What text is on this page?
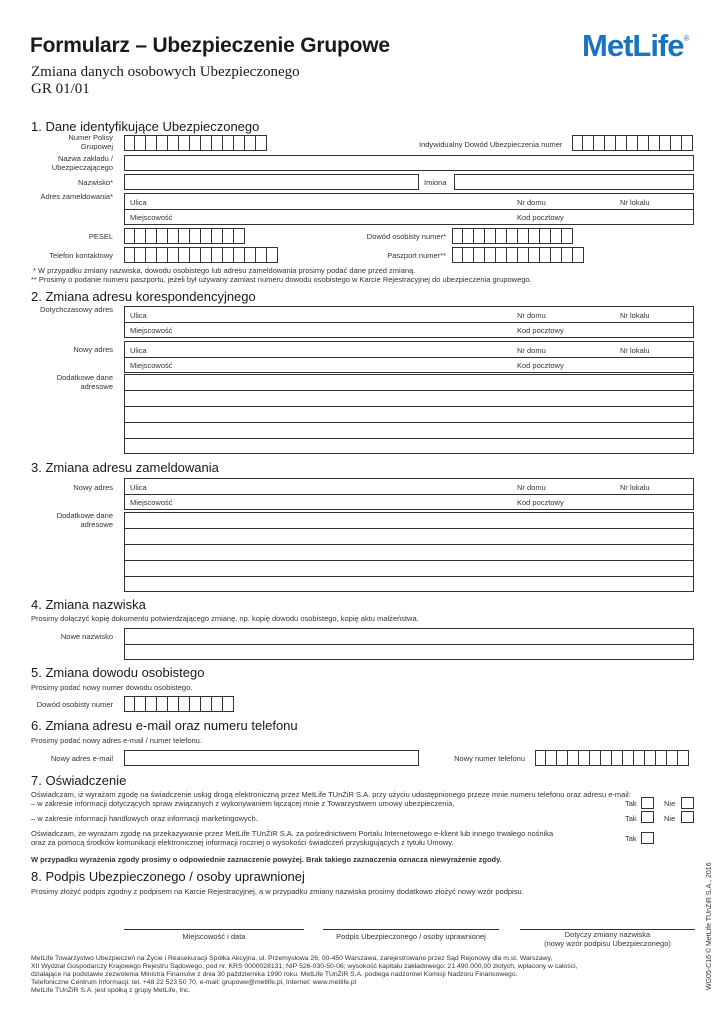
Formularz – Ubezpieczenie Grupowe
Zmiana danych osobowych Ubezpieczonego
GR 01/01
MetLife®
1. Dane identyfikujące Ubezpieczonego
Numer Polisy Grupowej	Indywidualny Dowód Ubezpieczenia numer
Nazwa zakładu / Ubezpieczającego
Nazwisko*	Imiona
Adres zameldowania*
Ulica	Nr domu	Nr lokalu
Miejscowość	Kod pocztowy
PESEL	Dowód osobisty numer*
Telefon kontaktowy	Paszport numer**
* W przypadku zmiany nazwiska, dowodu osobistego lub adresu zameldowania prosimy podać dane przed zmianą.
** Prosimy o podanie numeru paszportu, jeżeli był używany zamiast numeru dowodu osobistego w Karcie Rejestracyjnej do ubezpieczenia grupowego.
2. Zmiana adresu korespondencyjnego
Dotychczasowy adres
Ulica	Nr domu	Nr lokalu
Miejscowość	Kod pocztowy
Nowy adres Ulica	Nr domu	Nr lokalu
Miejscowość	Kod pocztowy
Dodatkowe dane adresowe
3. Zmiana adresu zameldowania
Nowy adres Ulica	Nr domu	Nr lokalu
Miejscowość	Kod pocztowy
Dodatkowe dane adresowe
4. Zmiana nazwiska
Prosimy dołączyć kopię dokumentu potwierdzającego zmianę, np. kopię dowodu osobistego, kopię aktu małżeństwa.
Nowe nazwisko
5. Zmiana dowodu osobistego
Prosimy podać nowy numer dowodu osobistego.
Dowód osobisty numer
6. Zmiana adresu e-mail oraz numeru telefonu
Prosimy podać nowy adres e-mail / numer telefonu.
Nowy adres e-mail	Nowy numer telefonu
7. Oświadczenie
Oświadczam, iż wyrażam zgodę na świadczenie usług drogą elektroniczną przez MetLife TUnŻiR S.A. przy użyciu udostępnionego przeze mnie numeru telefonu oraz adresu e-mail:
– w zakresie informacji dotyczących spraw związanych z wykonywaniem łączącej mnie z Towarzystwem umowy ubezpieczenia,
– w zakresie informacji handlowych oraz informacji marketingowych.
Oświadczam, że wyrażam zgodę na przekazywanie przez MetLife TUnŻiR S.A. za pośrednictwem Portalu Internetowego e-klient lub innego trwałego nośnika
oraz za pomocą środków komunikacji elektronicznej informacji rocznej o wysokości świadczeń przysługujących z tytułu Umowy.
Tak	Nie
Tak	Nie
Tak
W przypadku wyrażenia zgody prosimy o odpowiednie zaznaczenie powyżej. Brak takiego zaznaczenia oznacza niewyrażenie zgody.
8. Podpis Ubezpieczonego / osoby uprawnionej
Prosimy złożyć podpis zgodny z podpisem na Karcie Rejestracyjnej, a w przypadku zmiany nazwiska prosimy dodatkowo złożyć nowy wzór podpisu.
Miejscowość i data	Podpis Ubezpieczonego / osoby uprawnionej	Dotyczy zmiany nazwiska
(nowy wzór podpisu Ubezpieczonego)
MetLife Towarzystwo Ubezpieczeń na Życie i Reasekuracji Spółka Akcyjna, ul. Przemysłowa 26, 00-450 Warszawa, zarejestrowane przez Sąd Rejonowy dla m.st. Warszawy,
XII Wydział Gospodarczy Krajowego Rejestru Sądowego, pod nr. KRS 0000028131; NIP 526-030-50-06; wysokość kapitału zakładowego: 21.490.000,00 złotych, wpłacony w całości,
działające na podstawie zezwolenia Ministra Finansów z dnia 30 października 1990 roku. MetLife TUnŻiR S.A. podlega nadzorowi Komisji Nadzoru Finansowego.
Telefoniczne Centrum Informacji: tel. +48 22 523 50 70, e-mail: grupowe@metlife.pl, Internet: www.metlife.pl
MetLife TUnŻiR S.A. jest spółką z grupy MetLife, Inc.
WG05-C16 © MetLife TUnŻiR S.A., 2016
